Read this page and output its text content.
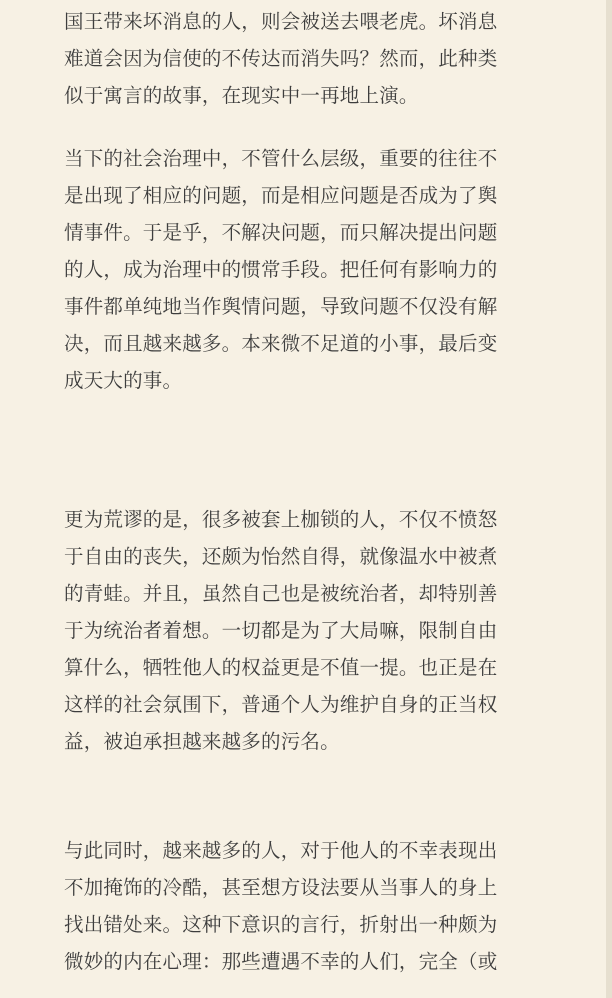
国王带来坏消息的人，则会被送去喂老虎。坏消息
难道会因为信使的不传达而消失吗？然而，此种类
似于寓言的故事，在现实中一再地上演。

当下的社会治理中，不管什么层级，重要的往往不
是出现了相应的问题，而是相应问题是否成为了舆
情事件。于是乎，不解决问题，而只解决提出问题
的人，成为治理中的惯常手段。把任何有影响力的
事件都单纯地当作舆情问题，导致问题不仅没有解
决，而且越来越多。本来微不足道的小事，最后变
成天大的事。

更为荒谬的是，很多被套上枷锁的人，不仅不愤怒
于自由的丧失，还颇为怡然自得，就像温水中被煮
的青蛙。并且，虽然自己也是被统治者，却特别善
于为统治者着想。一切都是为了大局嘛，限制自由
算什么，牺牲他人的权益更是不值一提。也正是在
这样的社会氛围下，普通个人为维护自身的正当权
益，被迫承担越来越多的污名。

与此同时，越来越多的人，对于他人的不幸表现出
不加掩饰的冷酷，甚至想方设法要从当事人的身上
找出错处来。这种下意识的言行，折射出一种颇为
微妙的内在心理：那些遭遇不幸的人们，完全（或
